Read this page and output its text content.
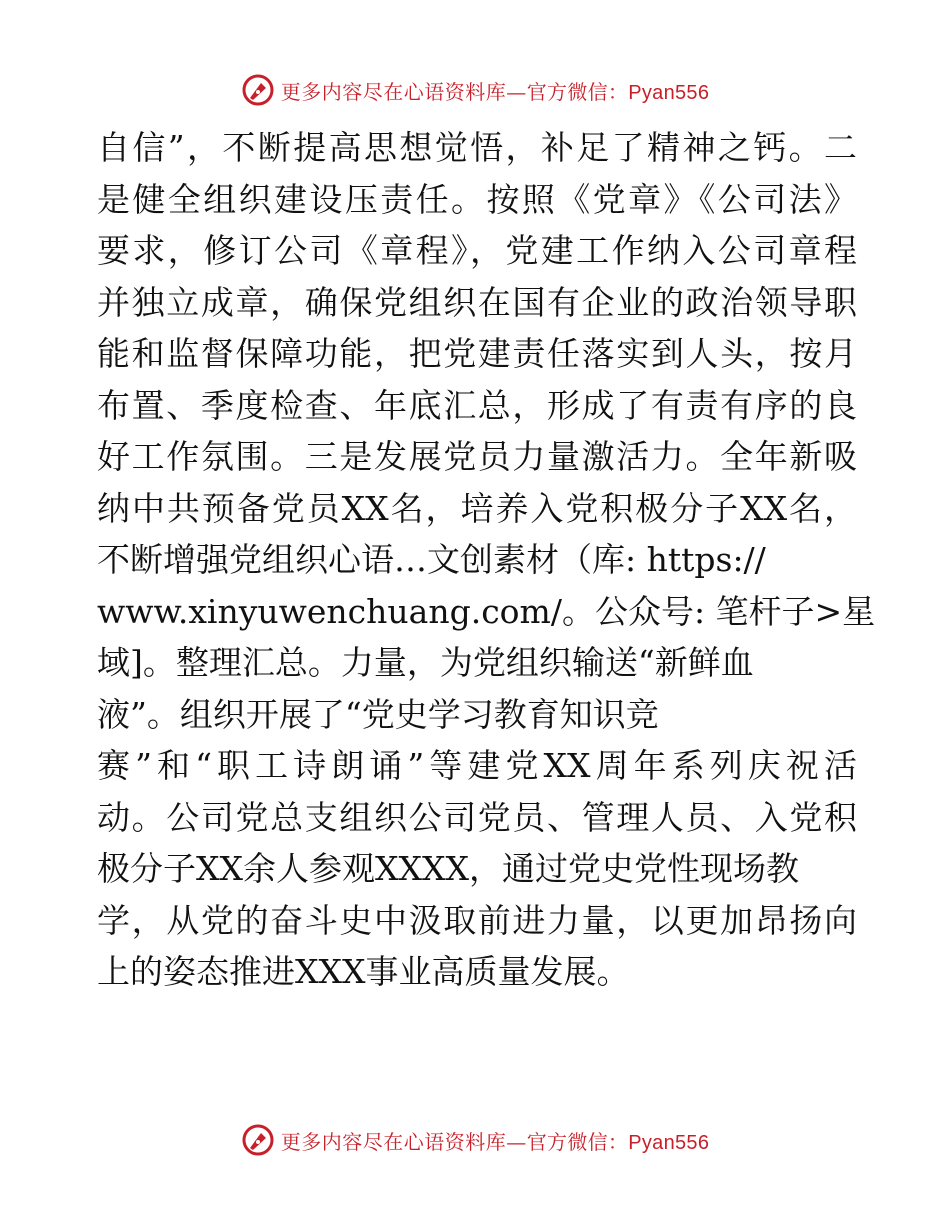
更多内容尽在心语资料库— 官方微信：Pyan556
自信”，不断提高思想觉悟，补足了精神之钙。二
是健全组织建设压责任。按照《党章》《公司法》
要求，修订公司《章程》，党建工作纳入公司章程
并独立成章，确保党组织在国有企业的政治领导职
能和监督保障功能，把党建责任落实到人头，按月
布置、季度检查、年底汇总，形成了有责有序的良
好工作氛围。三是发展党员力量激活力。全年新吸
纳中共预备党员XX名，培养入党积极分子XX名，
不断增强党组织心语…文创素材（库: https://
www.xinyuwenchuang.com/。公众号: 笔杆子>星
域]。整理汇总。力量，为党组织输送“新鲜血
液”。组织开展了“党史学习教育知识竞
赛”和“职工诗朗诵”等建党XX周年系列庆祝活
动。公司党总支组织公司党员、管理人员、入党积
极分子XX余人参观XXXX，通过党史党性现场教
学，从党的奋斗史中汲取前进力量，以更加昂扬向
上的姿态推进XXX事业高质量发展。
更多内容尽在心语资料库— 官方微信：Pyan556
